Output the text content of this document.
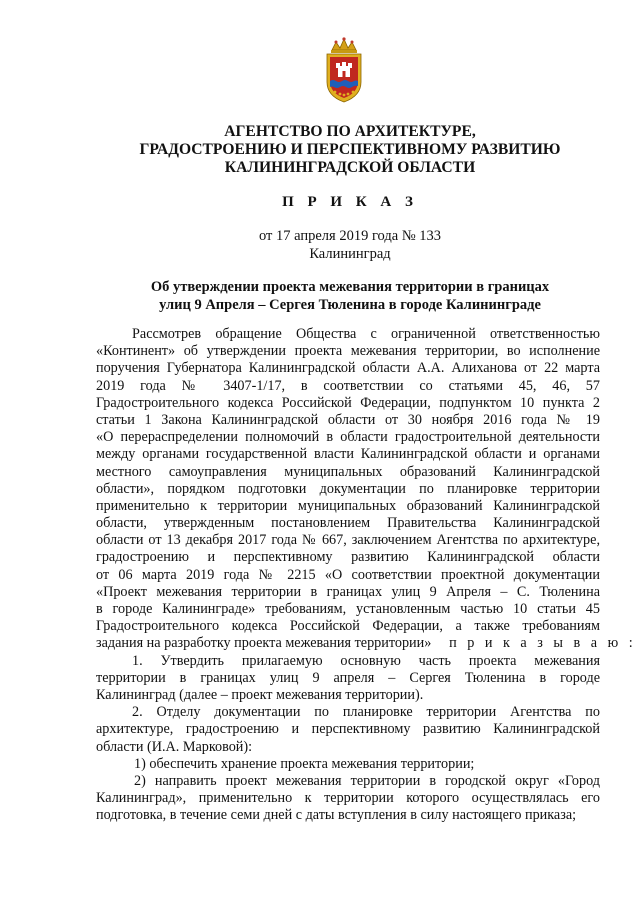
АГЕНТСТВО ПО АРХИТЕКТУРЕ,
ГРАДОСТРОЕНИЮ И ПЕРСПЕКТИВНОМУ РАЗВИТИЮ
КАЛИНИНГРАДСКОЙ ОБЛАСТИ
П Р И К А З
от 17 апреля 2019 года № 133
Калининград
Об утверждении проекта межевания территории в границах
улиц 9 Апреля – Сергея Тюленина в городе Калининграде
Рассмотрев обращение Общества с ограниченной ответственностью
«Континент» об утверждении проекта межевания территории, во исполнение
поручения Губернатора Калининградской области А.А. Алиханова от 22 марта
2019 года № 3407-1/17, в соответствии со статьями 45, 46, 57
Градостроительного кодекса Российской Федерации, подпунктом 10 пункта 2
статьи 1 Закона Калининградской области от 30 ноября 2016 года № 19
«О перераспределении полномочий в области градостроительной деятельности
между органами государственной власти Калининградской области и органами
местного самоуправления муниципальных образований Калининградской
области», порядком подготовки документации по планировке территории
применительно к территории муниципальных образований Калининградской
области, утвержденным постановлением Правительства Калининградской
области от 13 декабря 2017 года № 667, заключением Агентства по архитектуре,
градостроению и перспективному развитию Калининградской области
от 06 марта 2019 года № 2215 «О соответствии проектной документации
«Проект межевания территории в границах улиц 9 Апреля – С. Тюленина
в городе Калининграде» требованиям, установленным частью 10 статьи 45
Градостроительного кодекса Российской Федерации, а также требованиям
задания на разработку проекта межевания территории» п р и к а з ы в а ю :
1. Утвердить прилагаемую основную часть проекта межевания
территории в границах улиц 9 апреля – Сергея Тюленина в городе
Калининград (далее – проект межевания территории).
2. Отделу документации по планировке территории Агентства по
архитектуре, градостроению и перспективному развитию Калининградской
области (И.А. Марковой):
1) обеспечить хранение проекта межевания территории;
2) направить проект межевания территории в городской округ «Город
Калининград», применительно к территории которого осуществлялась его
подготовка, в течение семи дней с даты вступления в силу настоящего приказа;
